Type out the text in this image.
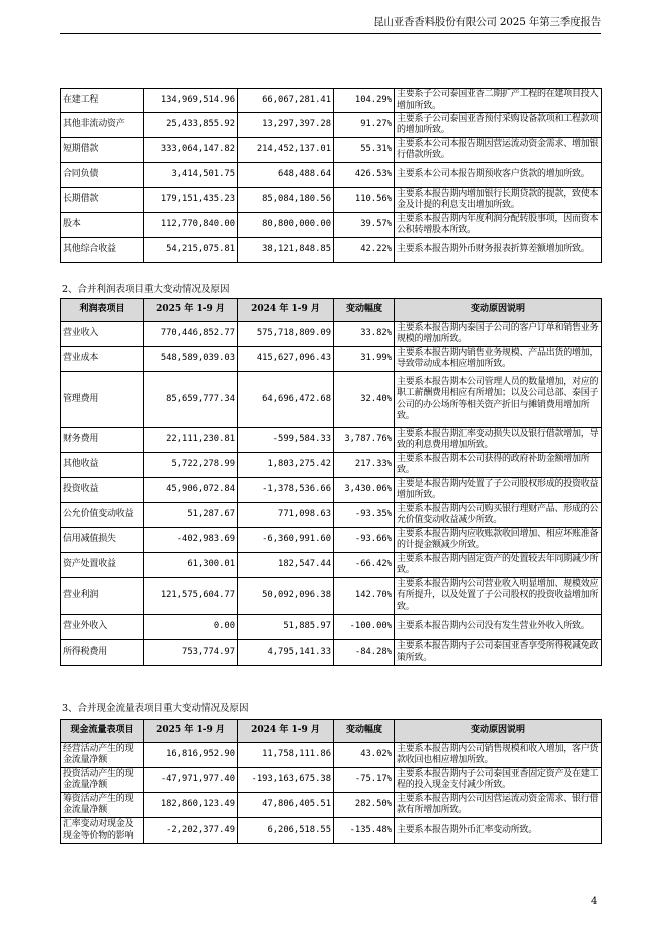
昆山亚香香料股份有限公司 2025 年第三季度报告
在建工程	134,969,514.96	66,067,281.41	104.29%	主要系子公司泰国亚香二期扩产工程的在建项目投入增加所致。
其他非流动资产	25,433,855.92	13,297,397.28	91.27%	主要系子公司泰国亚香预付采购设备款项和工程款项的增加所致。
短期借款	333,064,147.82	214,452,137.01	55.31%	主要系本公司本报告期因营运流动资金需求、增加银行借款所致。
合同负债	3,414,501.75	648,488.64	426.53%	主要系本公司本报告期预收客户货款的增加所致。
长期借款	179,151,435.23	85,084,180.56	110.56%	主要系本报告期内增加银行长期贷款的提款，致使本金及计提的利息支出增加所致。
股本	112,770,840.00	80,800,000.00	39.57%	主要系本报告期内年度利润分配转股事项，因而资本公积转增股本所致。
其他综合收益	54,215,075.81	38,121,848.85	42.22%	主要系本报告期外币财务报表折算差额增加所致。
2、合并利润表项目重大变动情况及原因
利润表项目	2025 年 1-9 月	2024 年 1-9 月	变动幅度	变动原因说明
营业收入	770,446,852.77	575,718,809.09	33.82%	主要系本报告期内泰国子公司的客户订单和销售业务规模的增加所致。
营业成本	548,589,039.03	415,627,096.43	31.99%	主要系本报告期内销售业务规模、产品出货的增加，导致带动成本相应增加所致。
管理费用	85,659,777.34	64,696,472.68	32.40%	主要系本报告期本公司管理人员的数量增加，对应的职工薪酬费用相应有所增加；以及公司总部、泰国子公司的办公场所等相关资产折旧与摊销费用增加所致。
财务费用	22,111,230.81	-599,584.33	3,787.76%	主要系本报告期汇率变动损失以及银行借款增加，导致的利息费用增加所致。
其他收益	5,722,278.99	1,803,275.42	217.33%	主要系本报告期本公司获得的政府补助金额增加所致。
投资收益	45,906,072.84	-1,378,536.66	3,430.06%	主要是本报告期内处置了子公司股权形成的投资收益增加所致。
公允价值变动收益	51,287.67	771,098.63	-93.35%	主要系本报告期内公司购买银行理财产品、形成的公允价值变动收益减少所致。
信用减值损失	-402,983.69	-6,360,991.60	-93.66%	主要系本报告期内应收账款收回增加、相应坏账准备的计提金额减少所致。
资产处置收益	61,300.01	182,547.44	-66.42%	主要系本报告期内固定资产的处置较去年同期减少所致。
营业利润	121,575,604.77	50,092,096.38	142.70%	主要系本报告期内公司营业收入明显增加、规模效应有所提升，以及处置了子公司股权的投资收益增加所致。
营业外收入	0.00	51,885.97	-100.00%	主要系本报告期内公司没有发生营业外收入所致。
所得税费用	753,774.97	4,795,141.33	-84.28%	主要系本报告期内子公司泰国亚香享受所得税减免政策所致。
3、合并现金流量表项目重大变动情况及原因
现金流量表项目	2025 年 1-9 月	2024 年 1-9 月	变动幅度	变动原因说明
经营活动产生的现金流量净额	16,816,952.90	11,758,111.86	43.02%	主要系本报告期内公司销售规模和收入增加，客户货款收回也相应增加所致。
投资活动产生的现金流量净额	-47,971,977.40	-193,163,675.38	-75.17%	主要系本报告期内子公司泰国亚香固定资产及在建工程的投入现金支付减少所致。
筹资活动产生的现金流量净额	182,860,123.49	47,806,405.51	282.50%	主要系本报告期内公司因营运流动资金需求、银行借款有所增加所致。
汇率变动对现金及现金等价物的影响	-2,202,377.49	6,206,518.55	-135.48%	主要系本报告期外币汇率变动所致。
4
